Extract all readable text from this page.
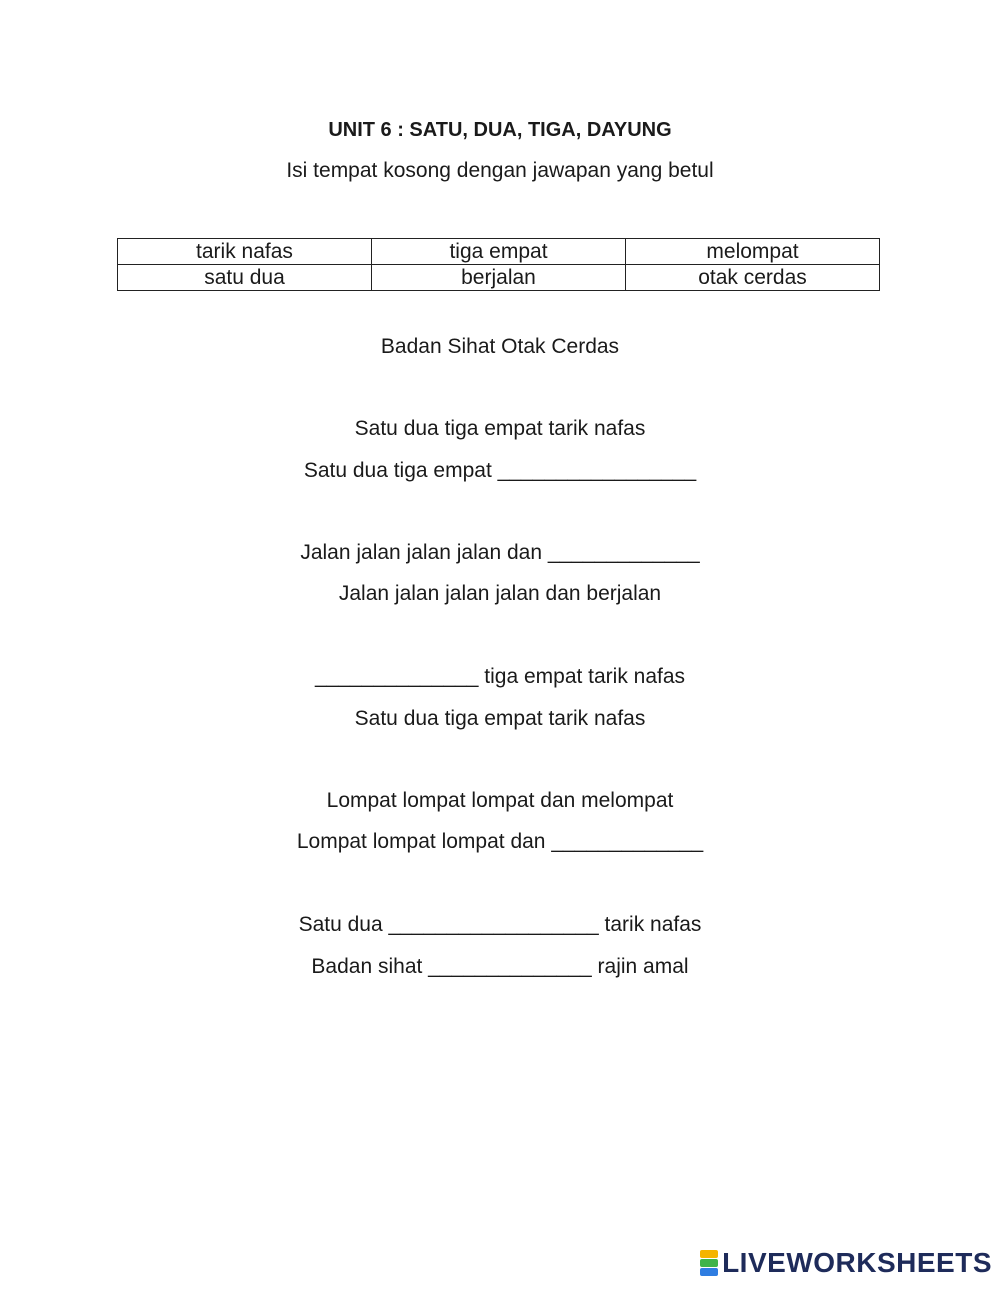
UNIT 6 : SATU, DUA, TIGA, DAYUNG
Isi tempat kosong dengan jawapan yang betul
tarik nafas	tiga empat	melompat
satu dua	berjalan	otak cerdas
Badan Sihat Otak Cerdas
Satu dua tiga empat tarik nafas
Satu dua tiga empat _________________
Jalan jalan jalan jalan dan _____________
Jalan jalan jalan jalan dan berjalan
______________ tiga empat tarik nafas
Satu dua tiga empat tarik nafas
Lompat lompat lompat dan melompat
Lompat lompat lompat dan _____________
Satu dua __________________ tarik nafas
Badan sihat ______________ rajin amal
LIVEWORKSHEETS
